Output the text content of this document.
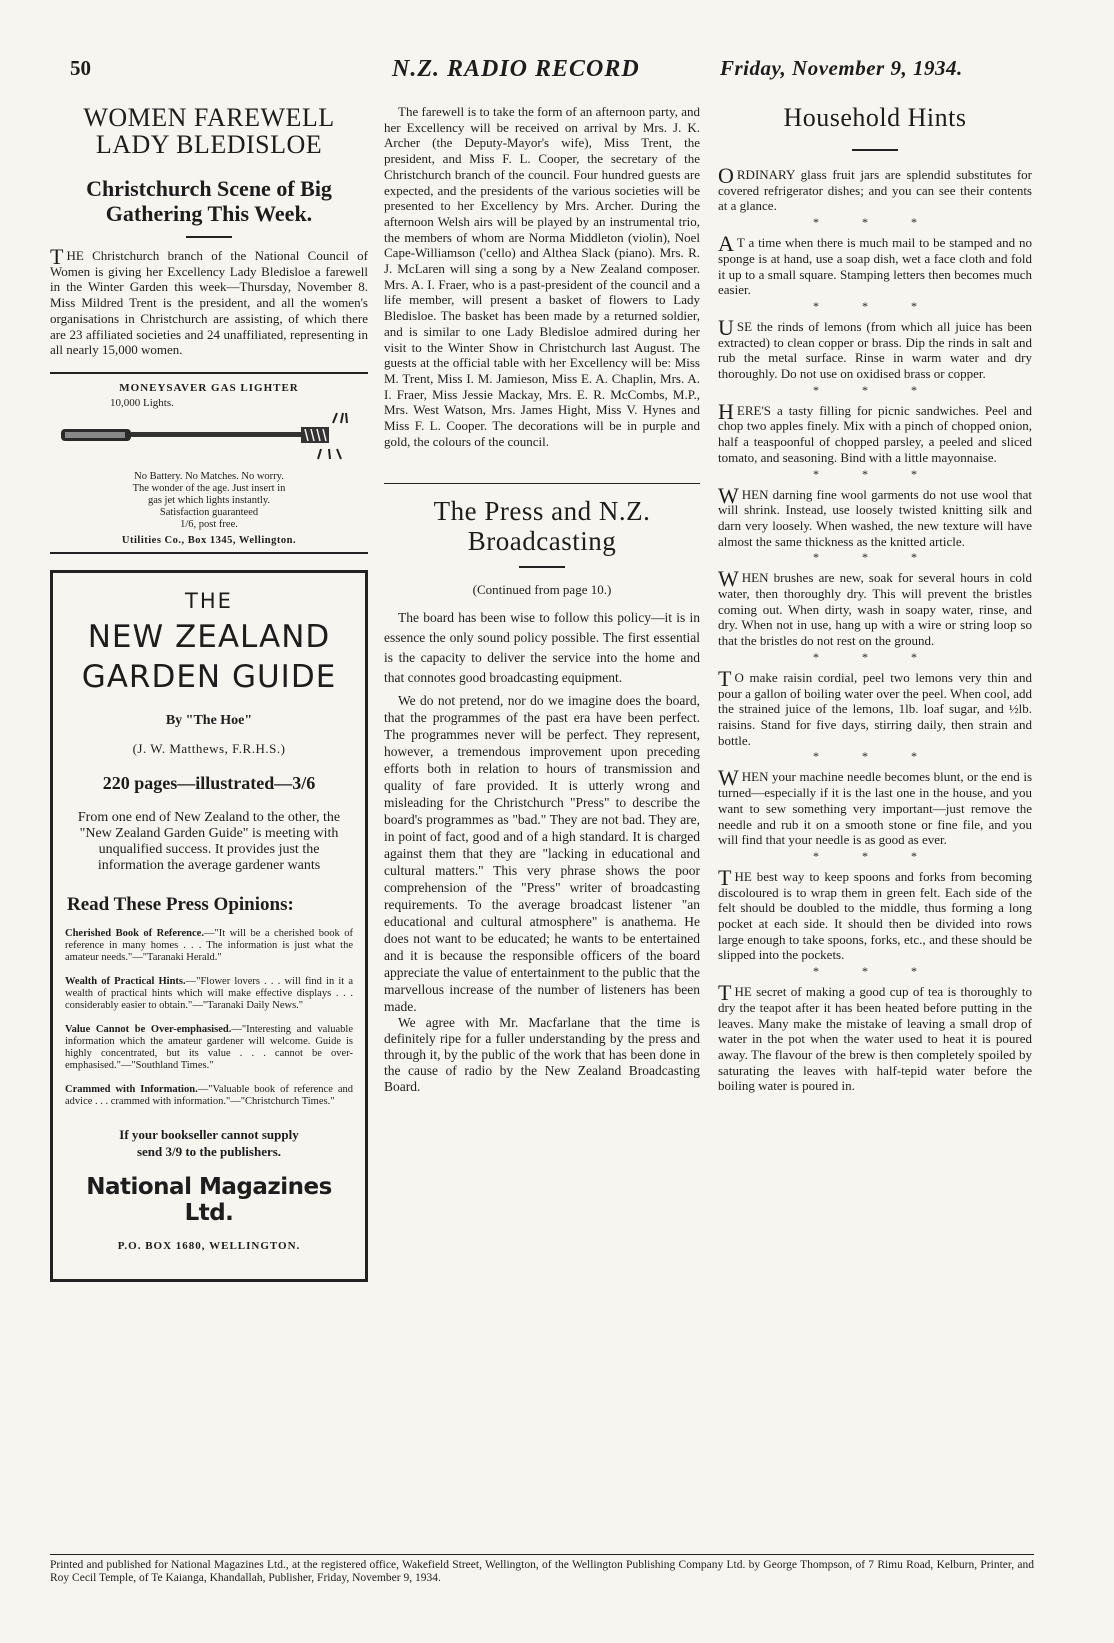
50	N.Z. RADIO RECORD	Friday, November 9, 1934.
WOMEN FAREWELL
LADY BLEDISLOE
Christchurch Scene of Big Gathering This Week.

THE Christchurch branch of the National Council of Women is giving her Excellency Lady Bledisloe a farewell in the Winter Garden this week—Thursday, November 8. Miss Mildred Trent is the president, and all the women's organisations in Christchurch are assisting, of which there are 23 affiliated societies and 24 unaffiliated, representing in all nearly 15,000 women.

MONEYSAVER GAS LIGHTER
10,000 Lights.
No Battery. No Matches. No worry.
The wonder of the age. Just insert in
gas jet which lights instantly.
Satisfaction guaranteed
1/6, post free.
Utilities Co., Box 1345, Wellington.
THE
NEW ZEALAND
GARDEN GUIDE
By "The Hoe"
(J. W. Matthews, F.R.H.S.)
220 pages—illustrated—3/6
From one end of New Zealand to the other, the "New Zealand Garden Guide" is meeting with unqualified success. It provides just the information the average gardener wants
Read These Press Opinions:
Cherished Book of Reference.—"It will be a cherished book of reference in many homes . . . The information is just what the amateur needs."—"Taranaki Herald."
Wealth of Practical Hints.—"Flower lovers . . . will find in it a wealth of practical hints which will make effective displays . . . considerably easier to obtain."—"Taranaki Daily News."
Value Cannot be Over-emphasised.—"Interesting and valuable information which the amateur gardener will welcome. Guide is highly concentrated, but its value . . . cannot be over-emphasised."—"Southland Times."
Crammed with Information.—"Valuable book of reference and advice . . . crammed with information."—"Christchurch Times."
If your bookseller cannot supply
send 3/9 to the publishers.
National Magazines Ltd.
P.O. BOX 1680, WELLINGTON.

The farewell is to take the form of an afternoon party, and her Excellency will be received on arrival by Mrs. J. K. Archer (the Deputy-Mayor's wife), Miss Trent, the president, and Miss F. L. Cooper, the secretary of the Christchurch branch of the council. Four hundred guests are expected, and the presidents of the various societies will be presented to her Excellency by Mrs. Archer. During the afternoon Welsh airs will be played by an instrumental trio, the members of whom are Norma Middleton (violin), Noel Cape-Williamson ('cello) and Althea Slack (piano). Mrs. R. J. McLaren will sing a song by a New Zealand composer. Mrs. A. I. Fraer, who is a past-president of the council and a life member, will present a basket of flowers to Lady Bledisloe. The basket has been made by a returned soldier, and is similar to one Lady Bledisloe admired during her visit to the Winter Show in Christchurch last August. The guests at the official table with her Excellency will be: Miss M. Trent, Miss I. M. Jamieson, Miss E. A. Chaplin, Mrs. A. I. Fraer, Miss Jessie Mackay, Mrs. E. R. McCombs, M.P., Mrs. West Watson, Mrs. James Hight, Miss V. Hynes and Miss F. L. Cooper. The decorations will be in purple and gold, the colours of the council.

The Press and N.Z.
Broadcasting
(Continued from page 10.)

The board has been wise to follow this policy—it is in essence the only sound policy possible. The first essential is the capacity to deliver the service into the home and that connotes good broadcasting equipment.

We do not pretend, nor do we imagine does the board, that the programmes of the past era have been perfect. The programmes never will be perfect. They represent, however, a tremendous improvement upon preceding efforts both in relation to hours of transmission and quality of fare provided. It is utterly wrong and misleading for the Christchurch "Press" to describe the board's programmes as "bad." They are not bad. They are, in point of fact, good and of a high standard. It is charged against them that they are "lacking in educational and cultural matters." This very phrase shows the poor comprehension of the "Press" writer of broadcasting requirements. To the average broadcast listener "an educational and cultural atmosphere" is anathema. He does not want to be educated; he wants to be entertained and it is because the responsible officers of the board appreciate the value of entertainment to the public that the marvellous increase of the number of listeners has been made.

We agree with Mr. Macfarlane that the time is definitely ripe for a fuller understanding by the press and through it, by the public of the work that has been done in the cause of radio by the New Zealand Broadcasting Board.

Household Hints

ORDINARY glass fruit jars are splendid substitutes for covered refrigerator dishes; and you can see their contents at a glance.

* * *

A T a time when there is much mail to be stamped and no sponge is at hand, use a soap dish, wet a face cloth and fold it up to a small square. Stamping letters then becomes much easier.

* * *

USE the rinds of lemons (from which all juice has been extracted) to clean copper or brass. Dip the rinds in salt and rub the metal surface. Rinse in warm water and dry thoroughly. Do not use on oxidised brass or copper.

* * *

HERE'S a tasty filling for picnic sandwiches. Peel and chop two apples finely. Mix with a pinch of chopped onion, half a teaspoonful of chopped parsley, a peeled and sliced tomato, and seasoning. Bind with a little mayonnaise.

* * *

WHEN darning fine wool garments do not use wool that will shrink. Instead, use loosely twisted knitting silk and darn very loosely. When washed, the new texture will have almost the same thickness as the knitted article.

* * *

WHEN brushes are new, soak for several hours in cold water, then thoroughly dry. This will prevent the bristles coming out. When dirty, wash in soapy water, rinse, and dry. When not in use, hang up with a wire or string loop so that the bristles do not rest on the ground.

* * *

T O make raisin cordial, peel two lemons very thin and pour a gallon of boiling water over the peel. When cool, add the strained juice of the lemons, 1lb. loaf sugar, and ½lb. raisins. Stand for five days, stirring daily, then strain and bottle.

* * *

WHEN your machine needle becomes blunt, or the end is turned—especially if it is the last one in the house, and you want to sew something very important—just remove the needle and rub it on a smooth stone or fine file, and you will find that your needle is as good as ever.

* * *

THE best way to keep spoons and forks from becoming discoloured is to wrap them in green felt. Each side of the felt should be doubled to the middle, thus forming a long pocket at each side. It should then be divided into rows large enough to take spoons, forks, etc., and these should be slipped into the pockets.

* * *

THE secret of making a good cup of tea is thoroughly to dry the teapot after it has been heated before putting in the leaves. Many make the mistake of leaving a small drop of water in the pot when the water used to heat it is poured away. The flavour of the brew is then completely spoiled by saturating the leaves with half-tepid water before the boiling water is poured in.

Printed and published for National Magazines Ltd., at the registered office, Wakefield Street, Wellington, of the Wellington Publishing Company Ltd. by George Thompson, of 7 Rimu Road, Kelburn, Printer, and Roy Cecil Temple, of Te Kaianga, Khandallah, Publisher, Friday, November 9, 1934.
